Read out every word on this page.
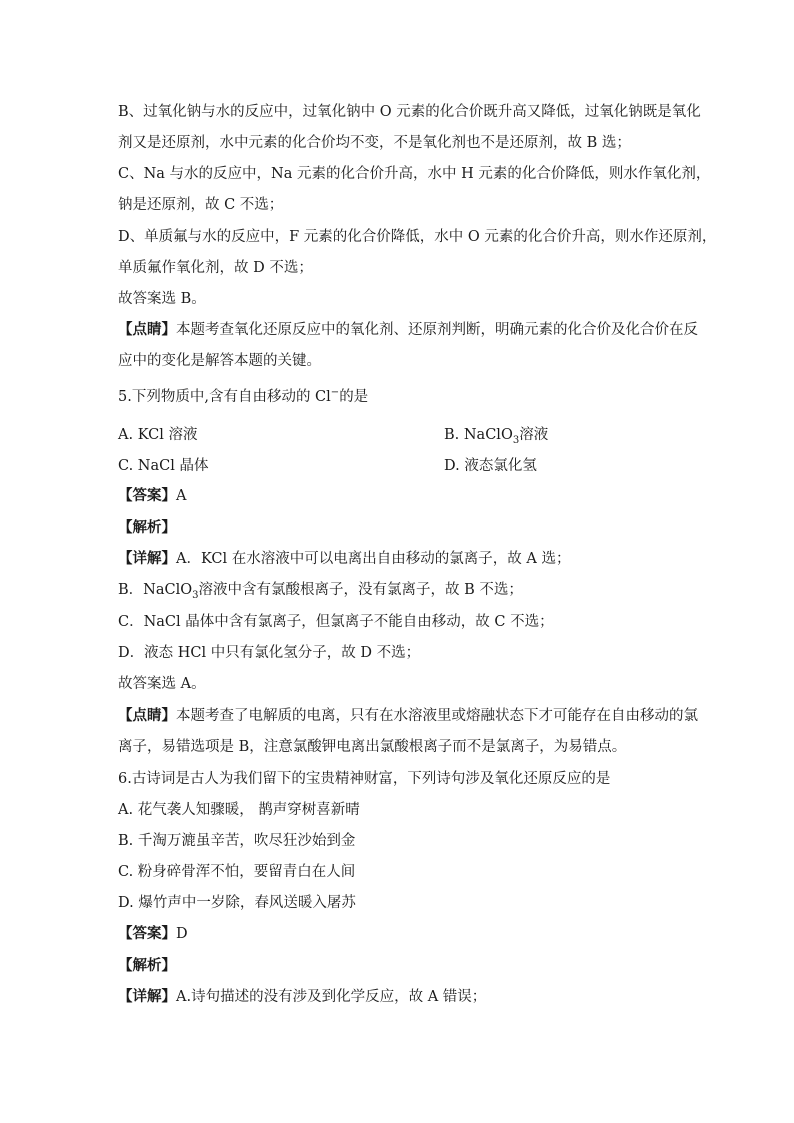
B、过氧化钠与水的反应中，过氧化钠中 O 元素的化合价既升高又降低，过氧化钠既是氧化
剂又是还原剂，水中元素的化合价均不变，不是氧化剂也不是还原剂，故 B 选；
C、Na 与水的反应中，Na 元素的化合价升高，水中 H 元素的化合价降低，则水作氧化剂，
钠是还原剂，故 C 不选；
D、单质氟与水的反应中，F 元素的化合价降低，水中 O 元素的化合价升高，则水作还原剂，
单质氟作氧化剂，故 D 不选；
故答案选 B。
【点睛】本题考查氧化还原反应中的氧化剂、还原剂判断，明确元素的化合价及化合价在反
应中的变化是解答本题的关键。
5.下列物质中,含有自由移动的 Cl−的是
A. KCl 溶液	B. NaClO$_3$溶液
C. NaCl 晶体	D. 液态氯化氢
【答案】A
【解析】
【详解】A．KCl 在水溶液中可以电离出自由移动的氯离子，故 A 选；
B．NaClO$_3$溶液中含有氯酸根离子，没有氯离子，故 B 不选；
C．NaCl 晶体中含有氯离子，但氯离子不能自由移动，故 C 不选；
D．液态 HCl 中只有氯化氢分子，故 D 不选；
故答案选 A。
【点睛】本题考查了电解质的电离，只有在水溶液里或熔融状态下才可能存在自由移动的氯
离子，易错选项是 B，注意氯酸钾电离出氯酸根离子而不是氯离子，为易错点。
6.古诗词是古人为我们留下的宝贵精神财富，下列诗句涉及氧化还原反应的是
A. 花气袭人知骤暖， 鹊声穿树喜新晴
B. 千淘万漉虽辛苦，吹尽狂沙始到金
C. 粉身碎骨浑不怕，要留青白在人间
D. 爆竹声中一岁除，春风送暖入屠苏
【答案】D
【解析】
【详解】A.诗句描述的没有涉及到化学反应，故 A 错误；
